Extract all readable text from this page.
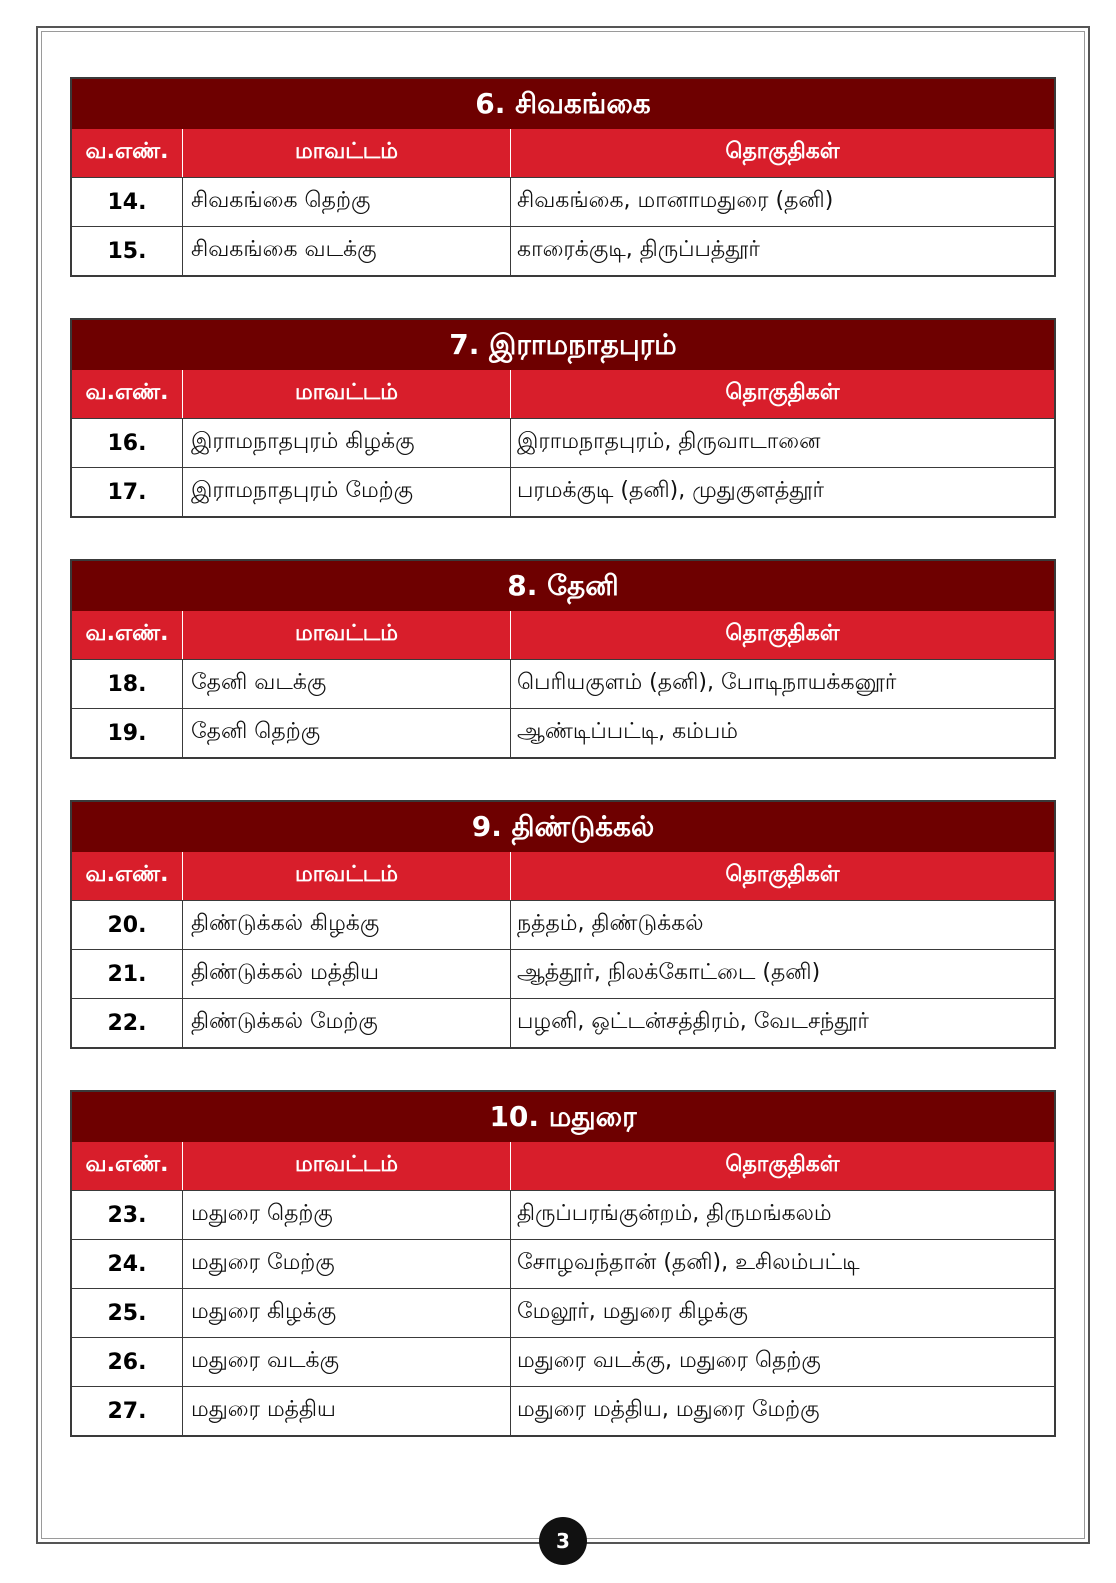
6. சிவகங்கை
வ.எண்.	மாவட்டம்	தொகுதிகள்
14.	சிவகங்கை தெற்கு	சிவகங்கை, மானாமதுரை (தனி)
15.	சிவகங்கை வடக்கு	காரைக்குடி, திருப்பத்தூர்
7. இராமநாதபுரம்
வ.எண்.	மாவட்டம்	தொகுதிகள்
16.	இராமநாதபுரம் கிழக்கு	இராமநாதபுரம், திருவாடானை
17.	இராமநாதபுரம் மேற்கு	பரமக்குடி (தனி), முதுகுளத்தூர்
8. தேனி
வ.எண்.	மாவட்டம்	தொகுதிகள்
18.	தேனி வடக்கு	பெரியகுளம் (தனி), போடிநாயக்கனூர்
19.	தேனி தெற்கு	ஆண்டிப்பட்டி, கம்பம்
9. திண்டுக்கல்
வ.எண்.	மாவட்டம்	தொகுதிகள்
20.	திண்டுக்கல் கிழக்கு	நத்தம், திண்டுக்கல்
21.	திண்டுக்கல் மத்திய	ஆத்தூர், நிலக்கோட்டை (தனி)
22.	திண்டுக்கல் மேற்கு	பழனி, ஒட்டன்சத்திரம், வேடசந்தூர்
10. மதுரை
வ.எண்.	மாவட்டம்	தொகுதிகள்
23.	மதுரை தெற்கு	திருப்பரங்குன்றம், திருமங்கலம்
24.	மதுரை மேற்கு	சோழவந்தான் (தனி), உசிலம்பட்டி
25.	மதுரை கிழக்கு	மேலூர், மதுரை கிழக்கு
26.	மதுரை வடக்கு	மதுரை வடக்கு, மதுரை தெற்கு
27.	மதுரை மத்திய	மதுரை மத்திய, மதுரை மேற்கு
3
